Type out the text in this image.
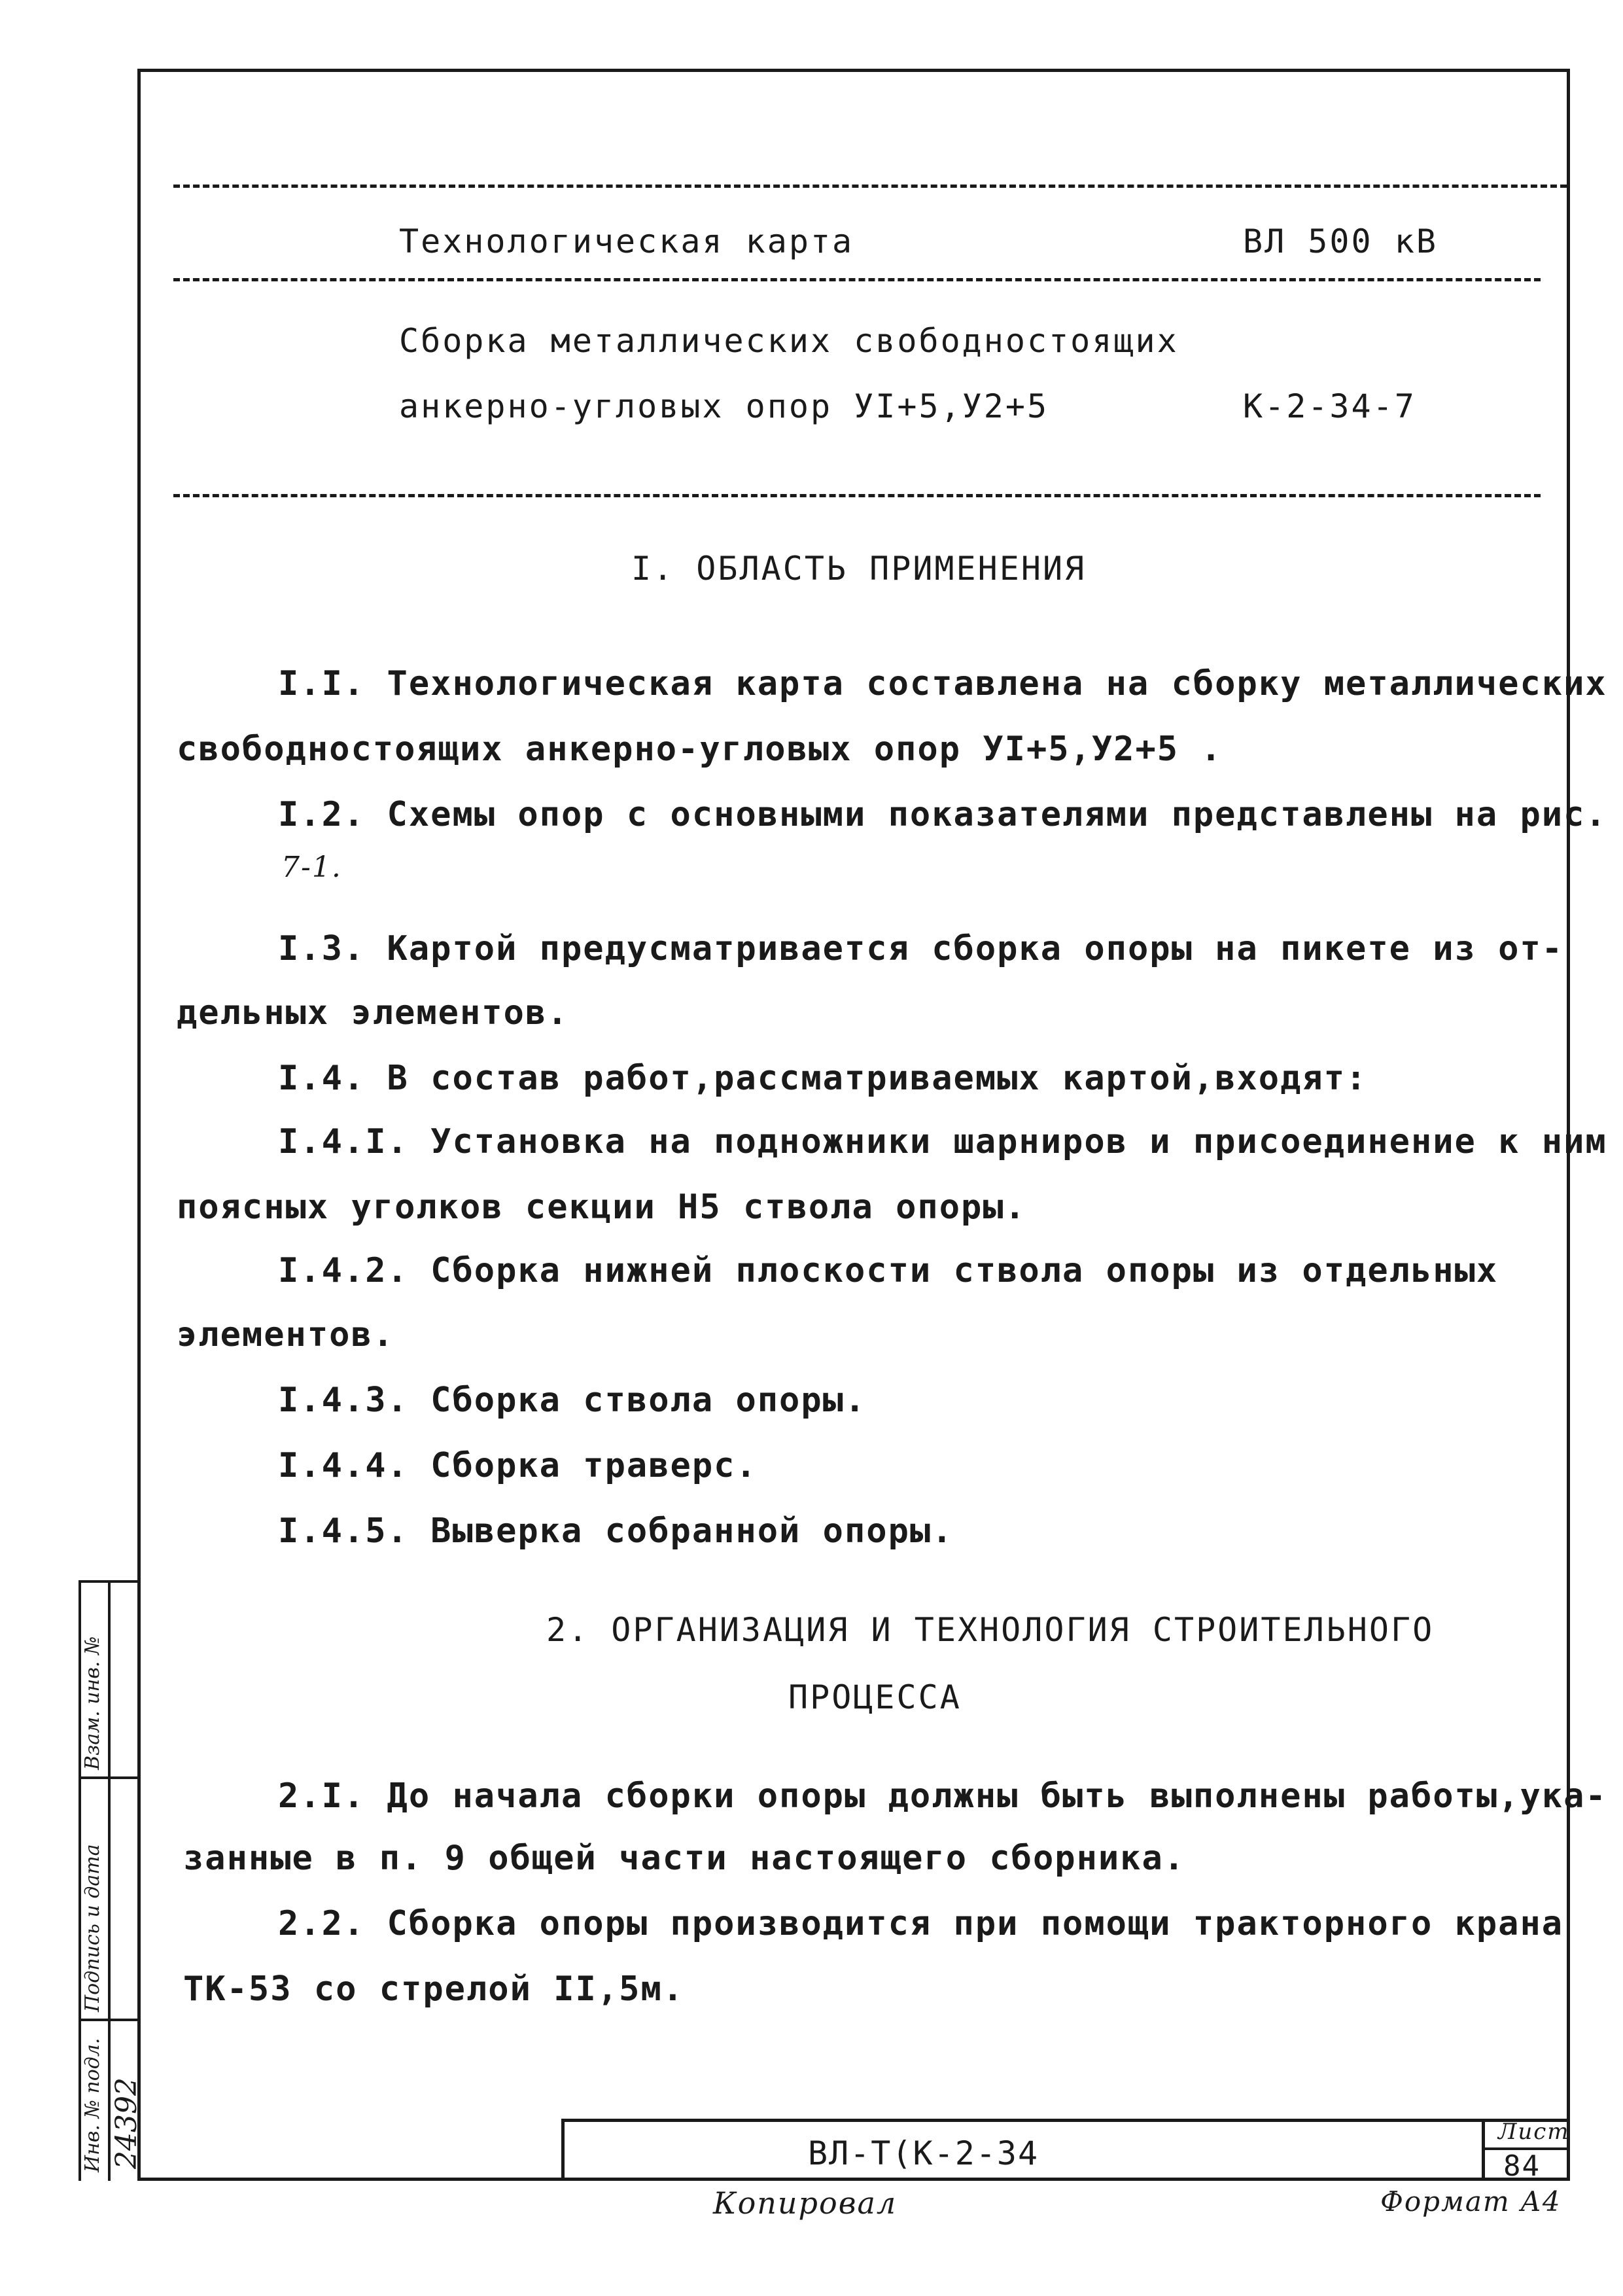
Технологическая карта	ВЛ 500 кВ
Сборка металлических свободностоящих
анкерно-угловых опор УI+5,У2+5	К-2-34-7
I. ОБЛАСТЬ ПРИМЕНЕНИЯ
I.I. Технологическая карта составлена на сборку металлических
свободностоящих анкерно-угловых опор УI+5,У2+5 .
I.2. Схемы опор с основными показателями представлены на рис.
7-1.
I.3. Картой предусматривается сборка опоры на пикете из от-
дельных элементов.
I.4. В состав работ,рассматриваемых картой,входят:
I.4.I. Установка на подножники шарниров и присоединение к ним
поясных уголков секции Н5 ствола опоры.
I.4.2. Сборка нижней плоскости ствола опоры из отдельных
элементов.
I.4.3. Сборка ствола опоры.
I.4.4. Сборка траверс.
I.4.5. Выверка собранной опоры.
2. ОРГАНИЗАЦИЯ И ТЕХНОЛОГИЯ СТРОИТЕЛЬНОГО
ПРОЦЕССА
2.I. До начала сборки опоры должны быть выполнены работы,ука-
занные в п. 9 общей части настоящего сборника.
2.2. Сборка опоры производится при помощи тракторного крана
ТК-53 со стрелой II,5м.
Взам. инв. №
Подпись и дата
Инв. № подл. 24392	ВЛ-Т(К-2-34
Лист
84
Копировал	Формат А4
